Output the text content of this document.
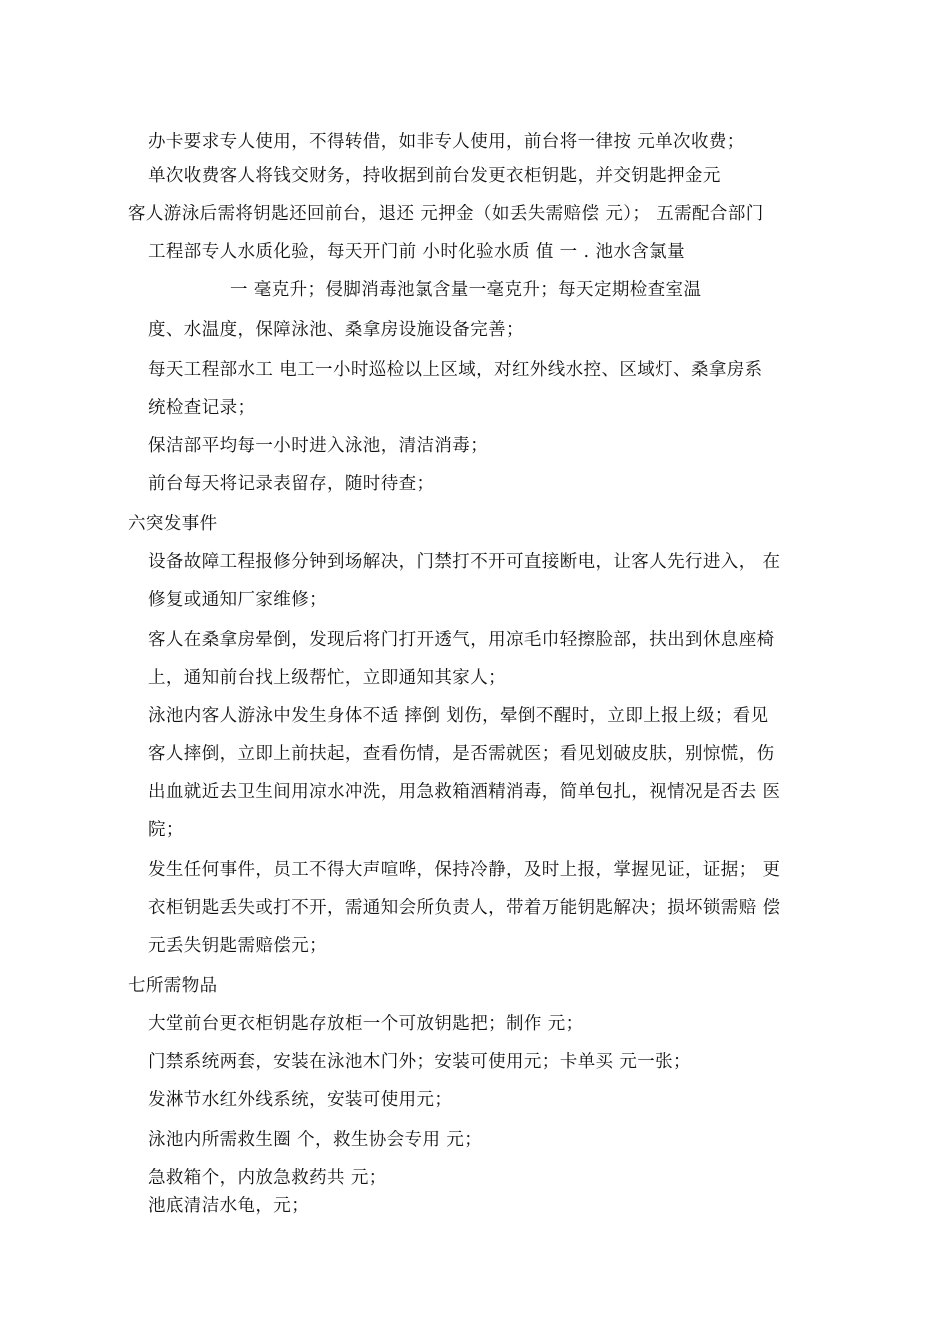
办卡要求专人使用，不得转借，如非专人使用，前台将一律按 元单次收费；
单次收费客人将钱交财务，持收据到前台发更衣柜钥匙，并交钥匙押金元
客人游泳后需将钥匙还回前台，退还 元押金（如丢失需赔偿 元）； 五需配合部门
工程部专人水质化验，每天开门前 小时化验水质 值 一 . 池水含氯量
一 毫克升；侵脚消毒池氯含量一毫克升；每天定期检查室温
度、水温度，保障泳池、桑拿房设施设备完善；
每天工程部水工 电工一小时巡检以上区域，对红外线水控、区域灯、桑拿房系
统检查记录；
保洁部平均每一小时进入泳池，清洁消毒；
前台每天将记录表留存，随时待查；
六突发事件
设备故障工程报修分钟到场解决，门禁打不开可直接断电，让客人先行进入， 在
修复或通知厂家维修；
客人在桑拿房晕倒，发现后将门打开透气，用凉毛巾轻擦脸部，扶出到休息座椅
上，通知前台找上级帮忙，立即通知其家人；
泳池内客人游泳中发生身体不适 摔倒 划伤，晕倒不醒时，立即上报上级；看见
客人摔倒，立即上前扶起，查看伤情，是否需就医；看见划破皮肤，别惊慌，伤
出血就近去卫生间用凉水冲洗，用急救箱酒精消毒，简单包扎，视情况是否去 医
院；
发生任何事件，员工不得大声喧哗，保持冷静，及时上报，掌握见证，证据； 更
衣柜钥匙丢失或打不开，需通知会所负责人，带着万能钥匙解决；损坏锁需赔 偿
元丢失钥匙需赔偿元；
七所需物品
大堂前台更衣柜钥匙存放柜一个可放钥匙把；制作 元；
门禁系统两套，安装在泳池木门外；安装可使用元；卡单买 元一张；
发淋节水红外线系统，安装可使用元；
泳池内所需救生圈 个，救生协会专用 元；
急救箱个，内放急救药共 元；
池底清洁水龟，元；
